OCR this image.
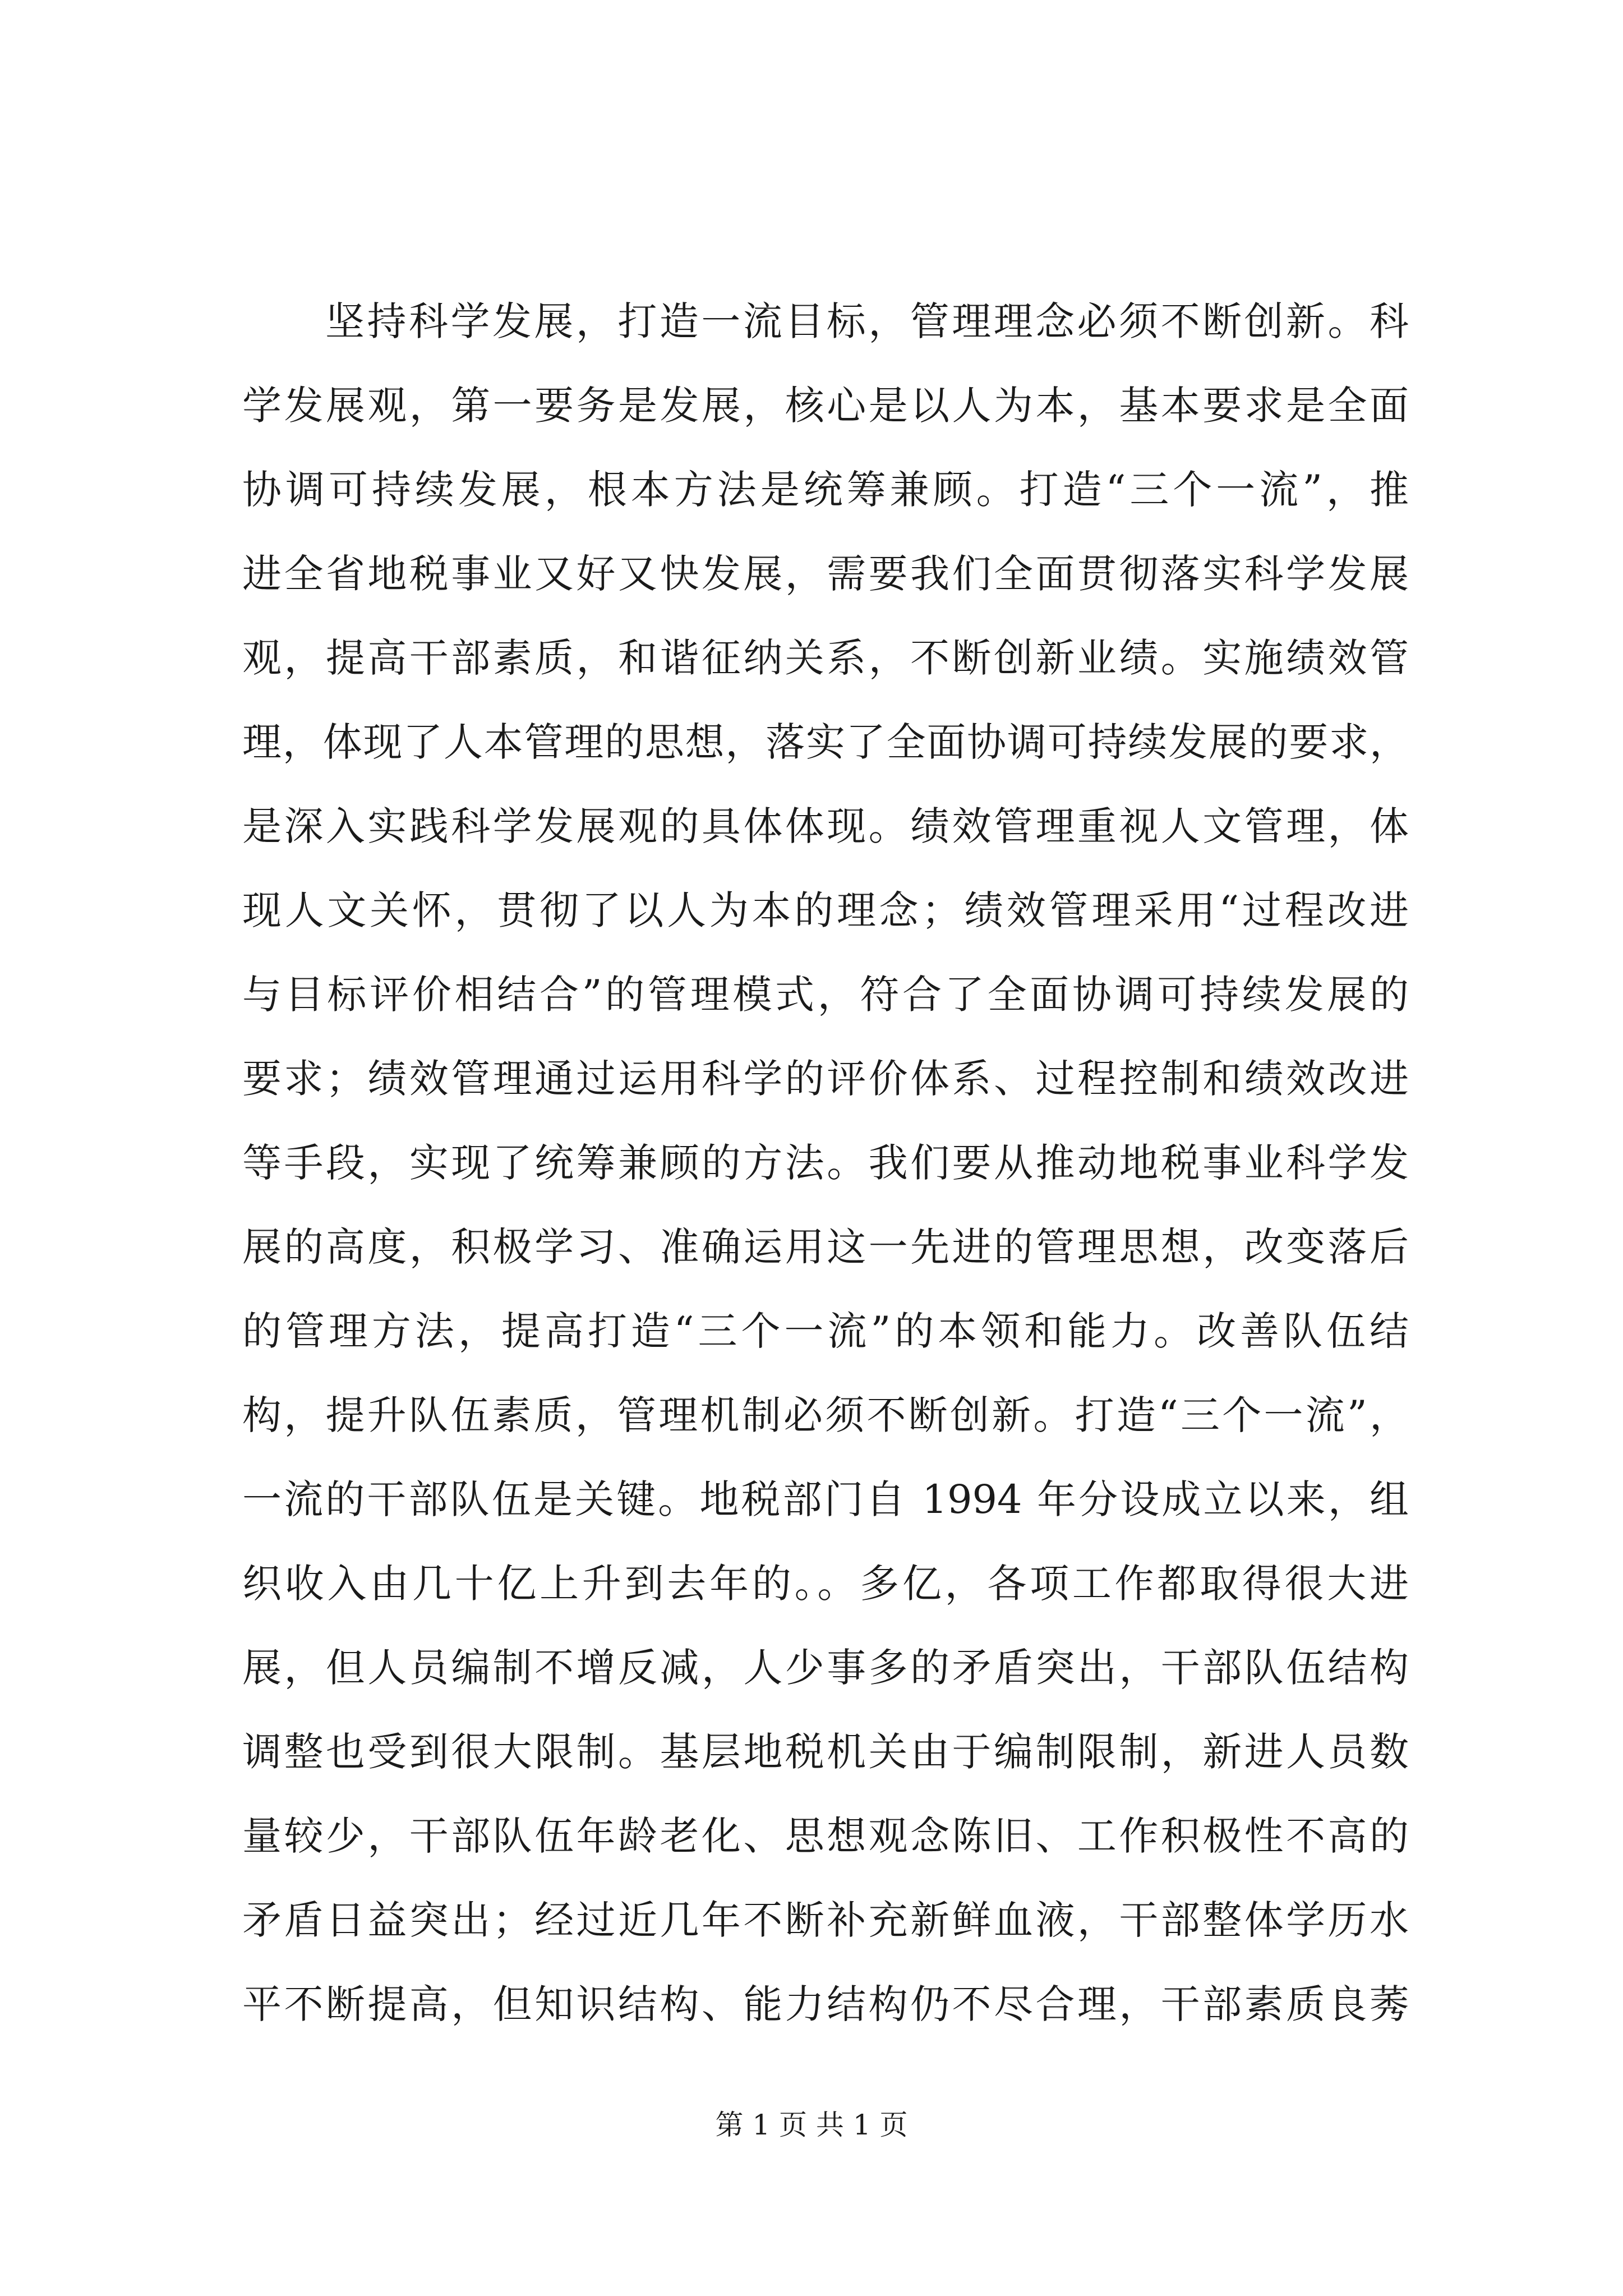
坚持科学发展，打造一流目标，管理理念必须不断创新。科
学发展观，第一要务是发展，核心是以人为本，基本要求是全面
协调可持续发展，根本方法是统筹兼顾。打造“三个一流”，推
进全省地税事业又好又快发展，需要我们全面贯彻落实科学发展
观，提高干部素质，和谐征纳关系，不断创新业绩。实施绩效管
理，体现了人本管理的思想，落实了全面协调可持续发展的要求，
是深入实践科学发展观的具体体现。绩效管理重视人文管理，体
现人文关怀，贯彻了以人为本的理念；绩效管理采用“过程改进
与目标评价相结合”的管理模式，符合了全面协调可持续发展的
要求；绩效管理通过运用科学的评价体系、过程控制和绩效改进
等手段，实现了统筹兼顾的方法。我们要从推动地税事业科学发
展的高度，积极学习、准确运用这一先进的管理思想，改变落后
的管理方法，提高打造“三个一流”的本领和能力。改善队伍结
构，提升队伍素质，管理机制必须不断创新。打造“三个一流”，
一流的干部队伍是关键。地税部门自 1994 年分设成立以来，组
织收入由几十亿上升到去年的。。多亿，各项工作都取得很大进
展，但人员编制不增反减，人少事多的矛盾突出，干部队伍结构
调整也受到很大限制。基层地税机关由于编制限制，新进人员数
量较少，干部队伍年龄老化、思想观念陈旧、工作积极性不高的
矛盾日益突出；经过近几年不断补充新鲜血液，干部整体学历水
平不断提高，但知识结构、能力结构仍不尽合理，干部素质良莠
第 1 页 共 1 页
